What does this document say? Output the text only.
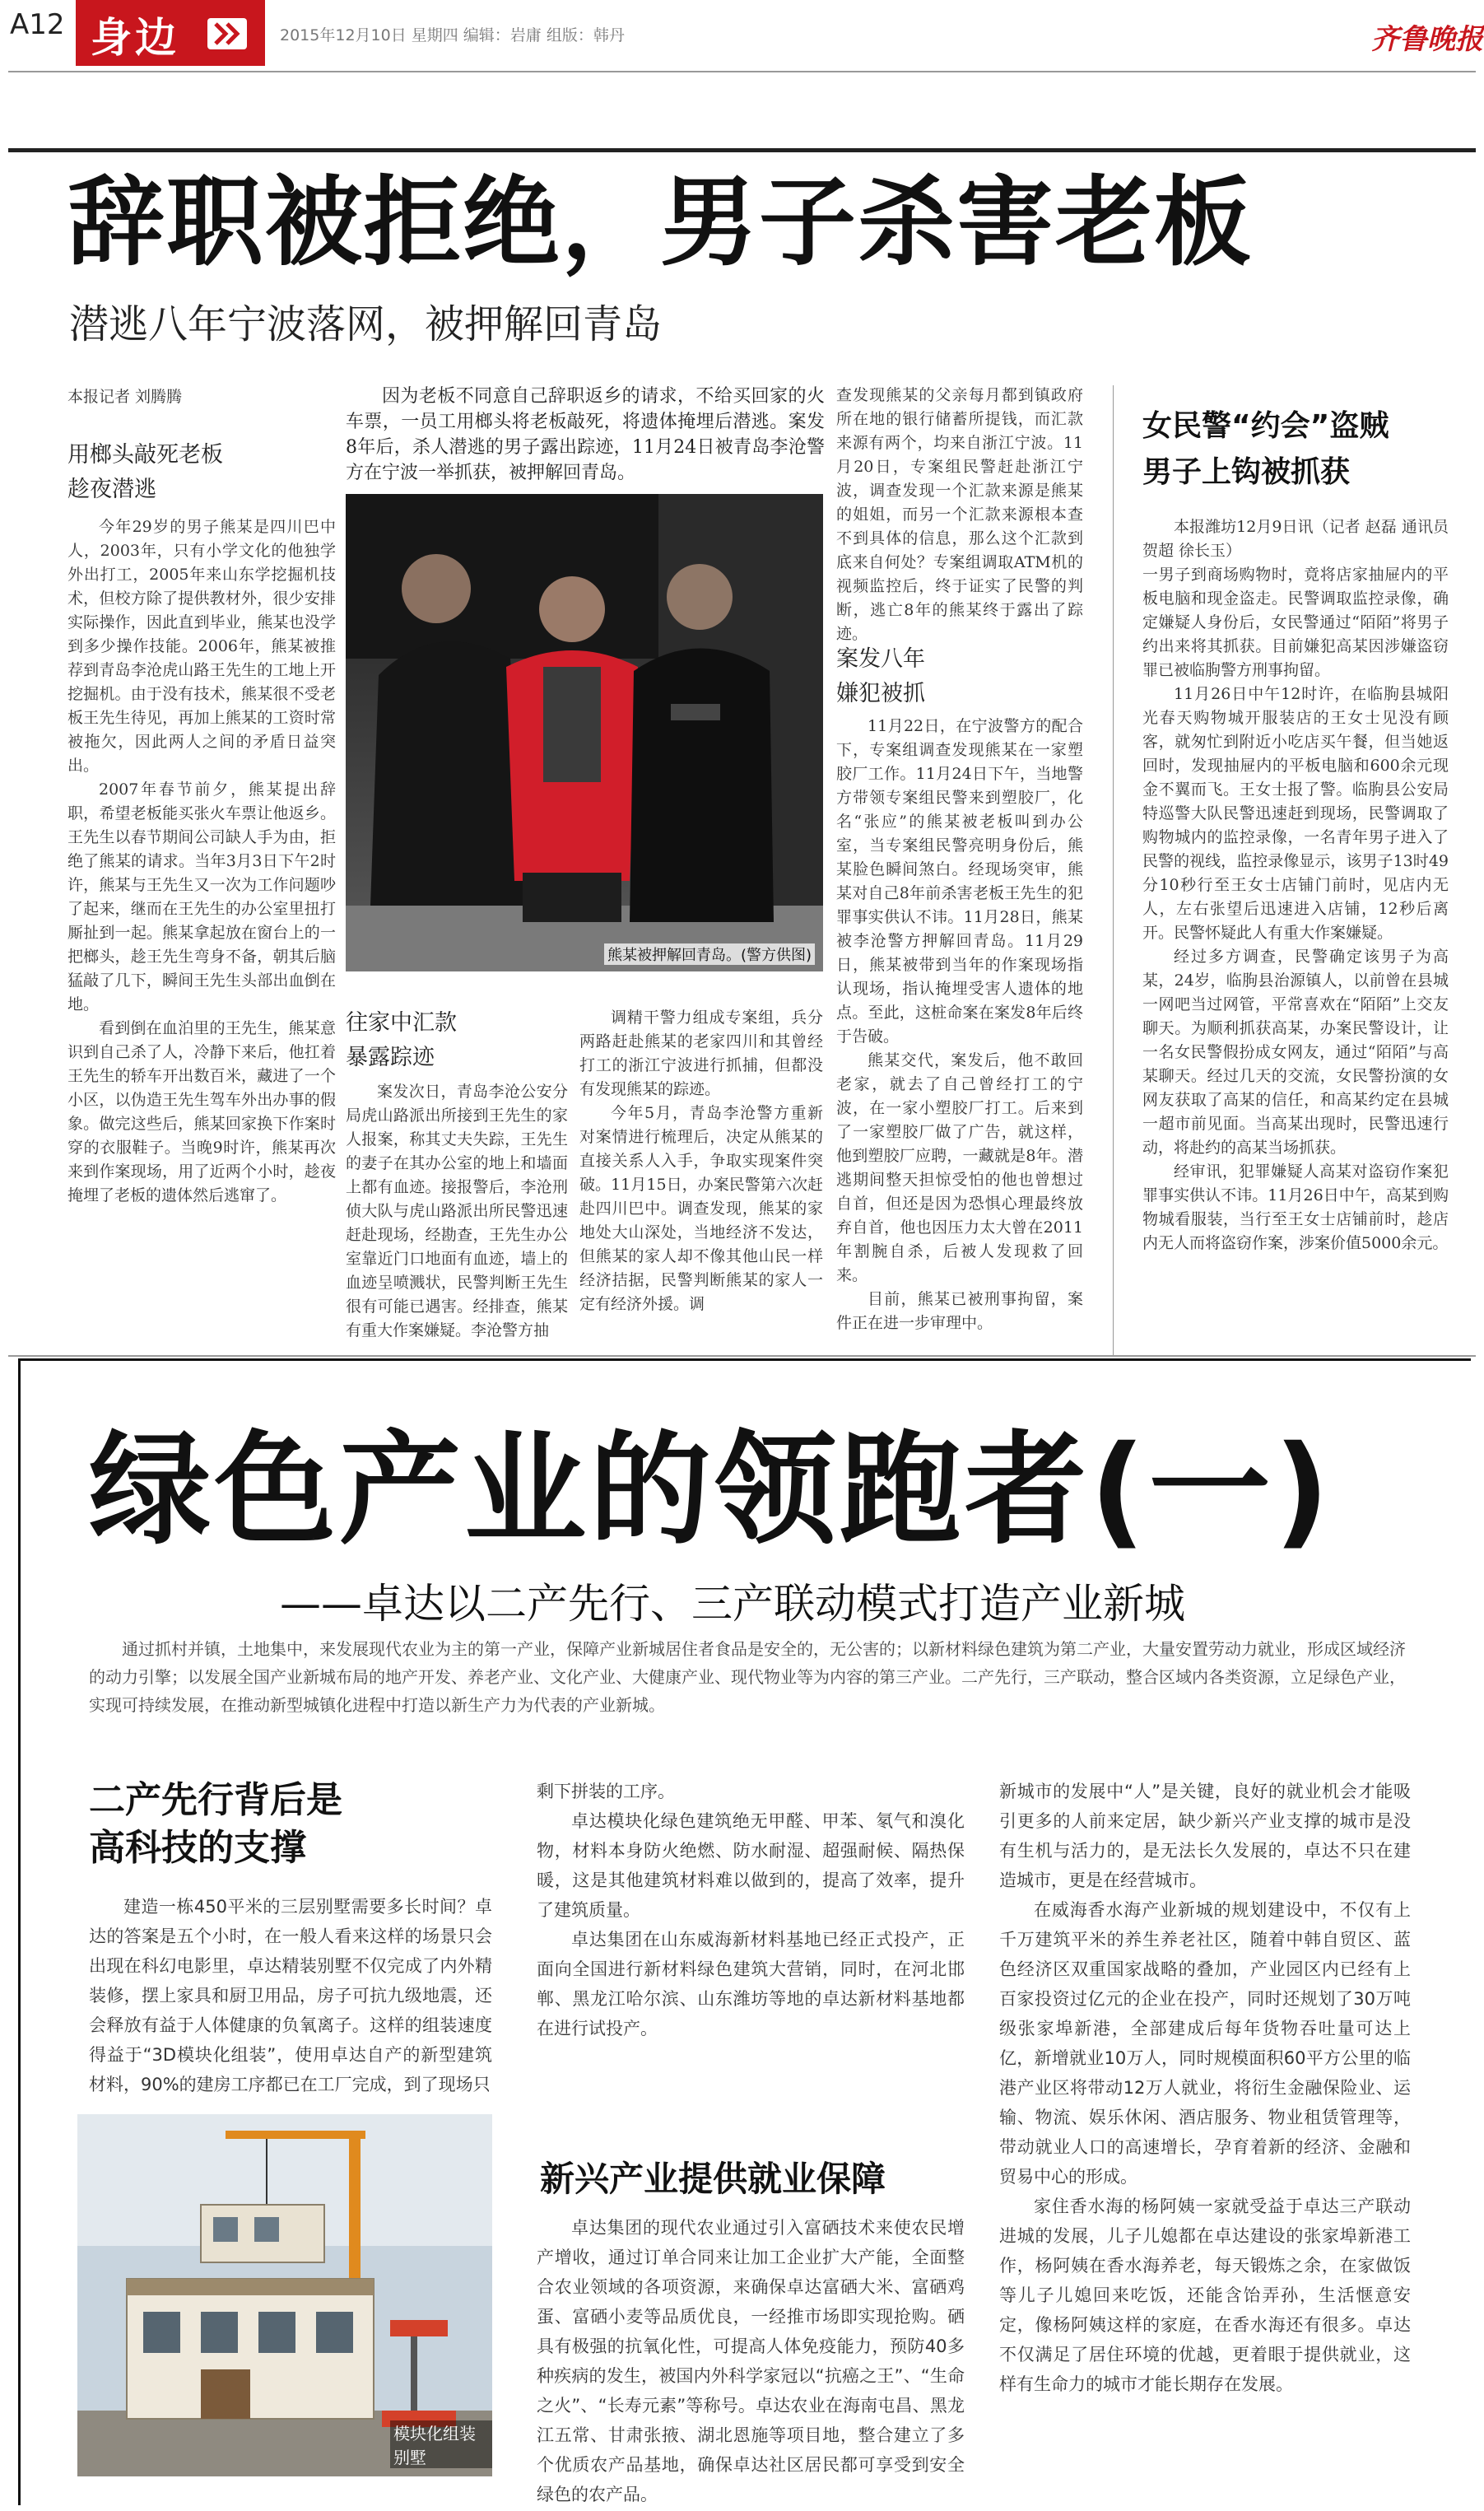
A12 身边	2015年12月10日 星期四 编辑：岩庸 组版：韩丹	齐鲁晚报
辞职被拒绝，男子杀害老板
潜逃八年宁波落网，被押解回青岛
本报记者 刘腾腾
用榔头敲死老板
趁夜潜逃

今年29岁的男子熊某是四川巴中人，2003年，只有小学文化的他独学外出打工，2005年来山东学挖掘机技术，但校方除了提供教材外，很少安排实际操作，因此直到毕业，熊某也没学到多少操作技能。2006年，熊某被推荐到青岛李沧虎山路王先生的工地上开挖掘机。由于没有技术，熊某很不受老板王先生待见，再加上熊某的工资时常被拖欠，因此两人之间的矛盾日益突出。

2007年春节前夕，熊某提出辞职，希望老板能买张火车票让他返乡。王先生以春节期间公司缺人手为由，拒绝了熊某的请求。当年3月3日下午2时许，熊某与王先生又一次为工作问题吵了起来，继而在王先生的办公室里扭打厮扯到一起。熊某拿起放在窗台上的一把榔头，趁王先生弯身不备，朝其后脑猛敲了几下，瞬间王先生头部出血倒在地。

看到倒在血泊里的王先生，熊某意识到自己杀了人，冷静下来后，他扛着王先生的轿车开出数百米，藏进了一个小区，以伪造王先生驾车外出办事的假象。做完这些后，熊某回家换下作案时穿的衣服鞋子。当晚9时许，熊某再次来到作案现场，用了近两个小时，趁夜掩埋了老板的遗体然后逃窜了。

因为老板不同意自己辞职返乡的请求，不给买回家的火车票，一员工用榔头将老板敲死，将遗体掩埋后潜逃。案发8年后，杀人潜逃的男子露出踪迹，11月24日被青岛李沧警方在宁波一举抓获，被押解回青岛。

熊某被押解回青岛。(警方供图)
往家中汇款
暴露踪迹

案发次日，青岛李沧公安分局虎山路派出所接到王先生的家人报案，称其丈夫失踪，王先生的妻子在其办公室的地上和墙面上都有血迹。接报警后，李沧刑侦大队与虎山路派出所民警迅速赶赴现场，经勘查，王先生办公室靠近门口地面有血迹，墙上的血迹呈喷溅状，民警判断王先生很有可能已遇害。经排查，熊某有重大作案嫌疑。李沧警方抽

调精干警力组成专案组，兵分两路赶赴熊某的老家四川和其曾经打工的浙江宁波进行抓捕，但都没有发现熊某的踪迹。

今年5月，青岛李沧警方重新对案情进行梳理后，决定从熊某的直接关系人入手，争取实现案件突破。11月15日，办案民警第六次赶赴四川巴中。调查发现，熊某的家地处大山深处，当地经济不发达，但熊某的家人却不像其他山民一样经济拮据，民警判断熊某的家人一定有经济外援。调

查发现熊某的父亲每月都到镇政府所在地的银行储蓄所提钱，而汇款来源有两个，均来自浙江宁波。11月20日，专案组民警赶赴浙江宁波，调查发现一个汇款来源是熊某的姐姐，而另一个汇款来源根本查不到具体的信息，那么这个汇款到底来自何处？专案组调取ATM机的视频监控后，终于证实了民警的判断，逃亡8年的熊某终于露出了踪迹。

案发八年
嫌犯被抓

11月22日，在宁波警方的配合下，专案组调查发现熊某在一家塑胶厂工作。11月24日下午，当地警方带领专案组民警来到塑胶厂，化名“张应”的熊某被老板叫到办公室，当专案组民警亮明身份后，熊某脸色瞬间煞白。经现场突审，熊某对自己8年前杀害老板王先生的犯罪事实供认不讳。11月28日，熊某被李沧警方押解回青岛。11月29日，熊某被带到当年的作案现场指认现场，指认掩埋受害人遗体的地点。至此，这桩命案在案发8年后终于告破。

熊某交代，案发后，他不敢回老家，就去了自己曾经打工的宁波，在一家小塑胶厂打工。后来到了一家塑胶厂做了广告，就这样，他到塑胶厂应聘，一藏就是8年。潜逃期间整天担惊受怕的他也曾想过自首，但还是因为恐惧心理最终放弃自首，他也因压力太大曾在2011年割腕自杀，后被人发现救了回来。

目前，熊某已被刑事拘留，案件正在进一步审理中。

女民警“约会”盗贼
男子上钩被抓获
本报潍坊12月9日讯（记者 赵磊 通讯员 贺超 徐长玉）

一男子到商场购物时，竟将店家抽屉内的平板电脑和现金盗走。民警调取监控录像，确定嫌疑人身份后，女民警通过“陌陌”将男子约出来将其抓获。目前嫌犯高某因涉嫌盗窃罪已被临朐警方刑事拘留。

11月26日中午12时许，在临朐县城阳光春天购物城开服装店的王女士见没有顾客，就匆忙到附近小吃店买午餐，但当她返回时，发现抽屉内的平板电脑和600余元现金不翼而飞。王女士报了警。临朐县公安局特巡警大队民警迅速赶到现场，民警调取了购物城内的监控录像，一名青年男子进入了民警的视线，监控录像显示，该男子13时49分10秒行至王女士店铺门前时，见店内无人，左右张望后迅速进入店铺，12秒后离开。民警怀疑此人有重大作案嫌疑。

经过多方调查，民警确定该男子为高某，24岁，临朐县治源镇人，以前曾在县城一网吧当过网管，平常喜欢在“陌陌”上交友聊天。为顺利抓获高某，办案民警设计，让一名女民警假扮成女网友，通过“陌陌”与高某聊天。经过几天的交流，女民警扮演的女网友获取了高某的信任，和高某约定在县城一超市前见面。当高某出现时，民警迅速行动，将赴约的高某当场抓获。

经审讯，犯罪嫌疑人高某对盗窃作案犯罪事实供认不讳。11月26日中午，高某到购物城看服装，当行至王女士店铺前时，趁店内无人而将盗窃作案，涉案价值5000余元。

绿色产业的领跑者(一)
——卓达以二产先行、三产联动模式打造产业新城

通过抓村并镇，土地集中，来发展现代农业为主的第一产业，保障产业新城居住者食品是安全的，无公害的；以新材料绿色建筑为第二产业，大量安置劳动力就业，形成区域经济的动力引擎；以发展全国产业新城布局的地产开发、养老产业、文化产业、大健康产业、现代物业等为内容的第三产业。二产先行，三产联动，整合区域内各类资源，立足绿色产业，实现可持续发展，在推动新型城镇化进程中打造以新生产力为代表的产业新城。

二产先行背后是
高科技的支撑

建造一栋450平米的三层别墅需要多长时间？卓达的答案是五个小时，在一般人看来这样的场景只会出现在科幻电影里，卓达精装别墅不仅完成了内外精装修，摆上家具和厨卫用品，房子可抗九级地震，还会释放有益于人体健康的负氧离子。这样的组装速度得益于“3D模块化组装”，使用卓达自产的新型建筑材料，90%的建房工序都已在工厂完成，到了现场只

模块化组装别墅

剩下拼装的工序。

卓达模块化绿色建筑绝无甲醛、甲苯、氡气和溴化物，材料本身防火绝燃、防水耐湿、超强耐候、隔热保暖，这是其他建筑材料难以做到的，提高了效率，提升了建筑质量。

卓达集团在山东威海新材料基地已经正式投产，正面向全国进行新材料绿色建筑大营销，同时，在河北邯郸、黑龙江哈尔滨、山东潍坊等地的卓达新材料基地都在进行试投产。

新兴产业提供就业保障

卓达集团的现代农业通过引入富硒技术来使农民增产增收，通过订单合同来让加工企业扩大产能，全面整合农业领域的各项资源，来确保卓达富硒大米、富硒鸡蛋、富硒小麦等品质优良，一经推市场即实现抢购。硒具有极强的抗氧化性，可提高人体免疫能力，预防40多种疾病的发生，被国内外科学家冠以“抗癌之王”、“生命之火”、“长寿元素”等称号。卓达农业在海南屯昌、黑龙江五常、甘肃张掖、湖北恩施等项目地，整合建立了多个优质农产品基地，确保卓达社区居民都可享受到安全绿色的农产品。

新城市的发展中“人”是关键，良好的就业机会才能吸引更多的人前来定居，缺少新兴产业支撑的城市是没有生机与活力的，是无法长久发展的，卓达不只在建造城市，更是在经营城市。

在威海香水海产业新城的规划建设中，不仅有上千万建筑平米的养生养老社区，随着中韩自贸区、蓝色经济区双重国家战略的叠加，产业园区内已经有上百家投资过亿元的企业在投产，同时还规划了30万吨级张家埠新港，全部建成后每年货物吞吐量可达上亿，新增就业10万人，同时规模面积60平方公里的临港产业区将带动12万人就业，将衍生金融保险业、运输、物流、娱乐休闲、酒店服务、物业租赁管理等，带动就业人口的高速增长，孕育着新的经济、金融和贸易中心的形成。

家住香水海的杨阿姨一家就受益于卓达三产联动进城的发展，儿子儿媳都在卓达建设的张家埠新港工作，杨阿姨在香水海养老，每天锻炼之余，在家做饭等儿子儿媳回来吃饭，还能含饴弄孙，生活惬意安定，像杨阿姨这样的家庭，在香水海还有很多。卓达不仅满足了居住环境的优越，更着眼于提供就业，这样有生命力的城市才能长期存在发展。
